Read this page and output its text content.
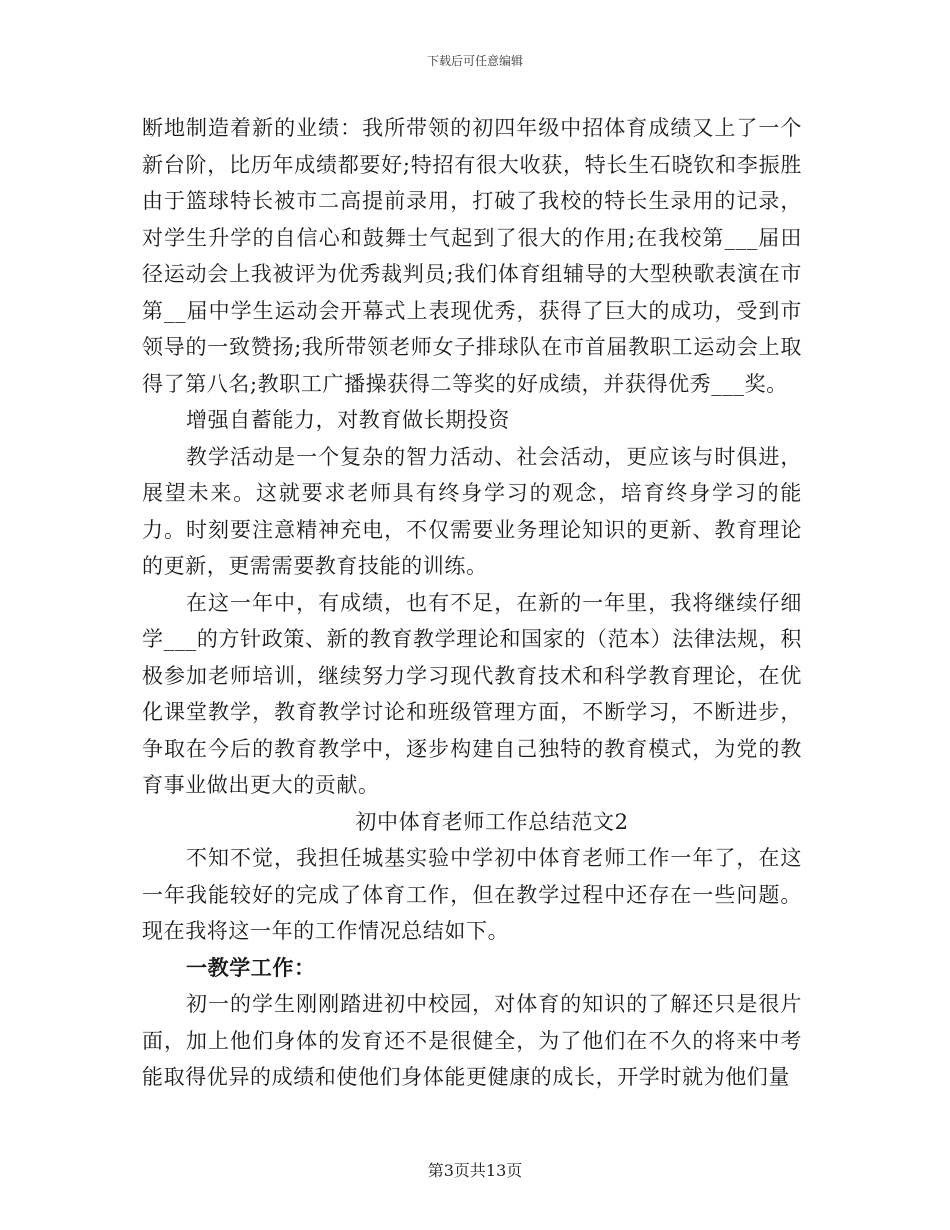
下载后可任意编辑

断地制造着新的业绩：我所带领的初四年级中招体育成绩又上了一个新台阶，比历年成绩都要好;特招有很大收获，特长生石晓钦和李振胜由于篮球特长被市二高提前录用，打破了我校的特长生录用的记录，对学生升学的自信心和鼓舞士气起到了很大的作用;在我校第___届田径运动会上我被评为优秀裁判员;我们体育组辅导的大型秧歌表演在市第__届中学生运动会开幕式上表现优秀，获得了巨大的成功，受到市领导的一致赞扬;我所带领老师女子排球队在市首届教职工运动会上取得了第八名;教职工广播操获得二等奖的好成绩，并获得优秀___奖。

增强自蓄能力，对教育做长期投资

教学活动是一个复杂的智力活动、社会活动，更应该与时俱进，展望未来。这就要求老师具有终身学习的观念，培育终身学习的能力。时刻要注意精神充电，不仅需要业务理论知识的更新、教育理论的更新，更需需要教育技能的训练。

在这一年中，有成绩，也有不足，在新的一年里，我将继续仔细学___的方针政策、新的教育教学理论和国家的（范本）法律法规，积极参加老师培训，继续努力学习现代教育技术和科学教育理论，在优化课堂教学，教育教学讨论和班级管理方面，不断学习，不断进步，争取在今后的教育教学中，逐步构建自己独特的教育模式，为党的教育事业做出更大的贡献。

初中体育老师工作总结范文2

不知不觉，我担任城基实验中学初中体育老师工作一年了，在这一年我能较好的完成了体育工作，但在教学过程中还存在一些问题。现在我将这一年的工作情况总结如下。

一教学工作：

初一的学生刚刚踏进初中校园，对体育的知识的了解还只是很片面，加上他们身体的发育还不是很健全，为了他们在不久的将来中考能取得优异的成绩和使他们身体能更健康的成长，开学时就为他们量

第3页共13页
